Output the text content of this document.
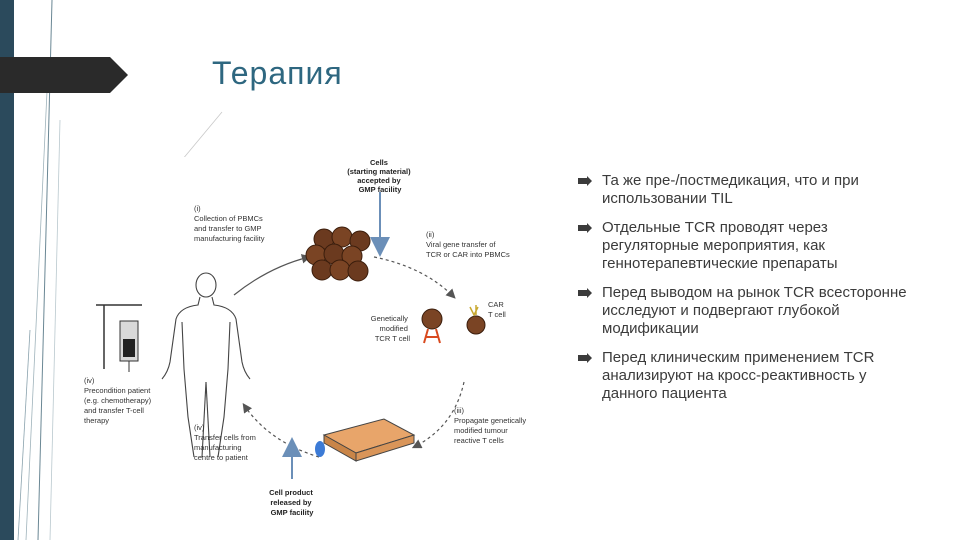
Терапия
Cells (starting material) accepted by GMP facility
(i) Collection of PBMCs and transfer to GMP manufacturing facility	(ii) Viral gene transfer of TCR or CAR into PBMCs
(iv) Precondition patient (e.g. chemotherapy) and transfer T-cell therapy
Genetically modified TCR T cell
CAR T cell
(iii) Propagate genetically modified tumour reactive T cells
(iv) Transfer cells from manufacturing centre to patient
Cell product released by GMP facility
Та же пре-/постмедикация, что и при использовании TIL
Отдельные TCR проводят через регуляторные мероприятия, как геннотерапевтические препараты
Перед выводом на рынок TCR всесторонне исследуют и подвергают глубокой модификации
Перед клиническим применением TCR анализируют на кросс-реактивность у данного пациента
